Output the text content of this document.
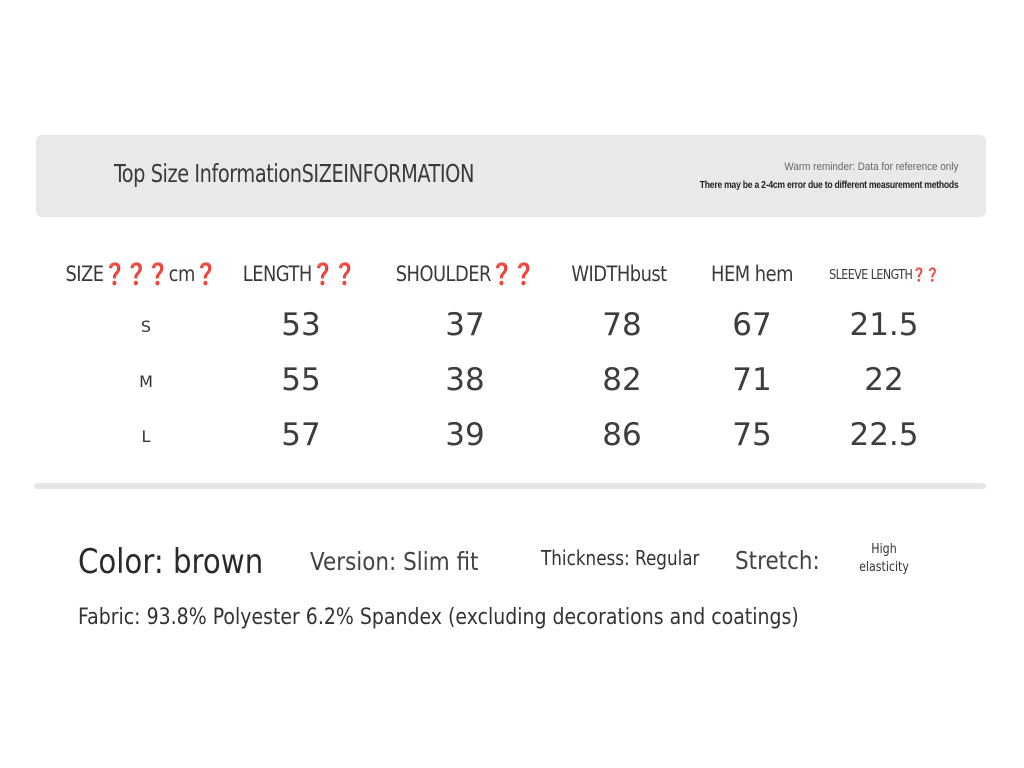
Top Size InformationSIZEINFORMATION	Warm reminder: Data for reference only
There may be a 2-4cm error due to different measurement methods
SIZE❓❓❓cm❓	LENGTH❓❓	SHOULDER❓❓	WIDTHbust	HEM hem	SLEEVE LENGTH❓❓
S	53	37	78	67	21.5
M	55	38	82	71	22
L	57	39	86	75	22.5
Color: brown	Version: Slim fit	Thickness: Regular	Stretch:	High
elasticity
Fabric: 93.8% Polyester 6.2% Spandex (excluding decorations and coatings)
